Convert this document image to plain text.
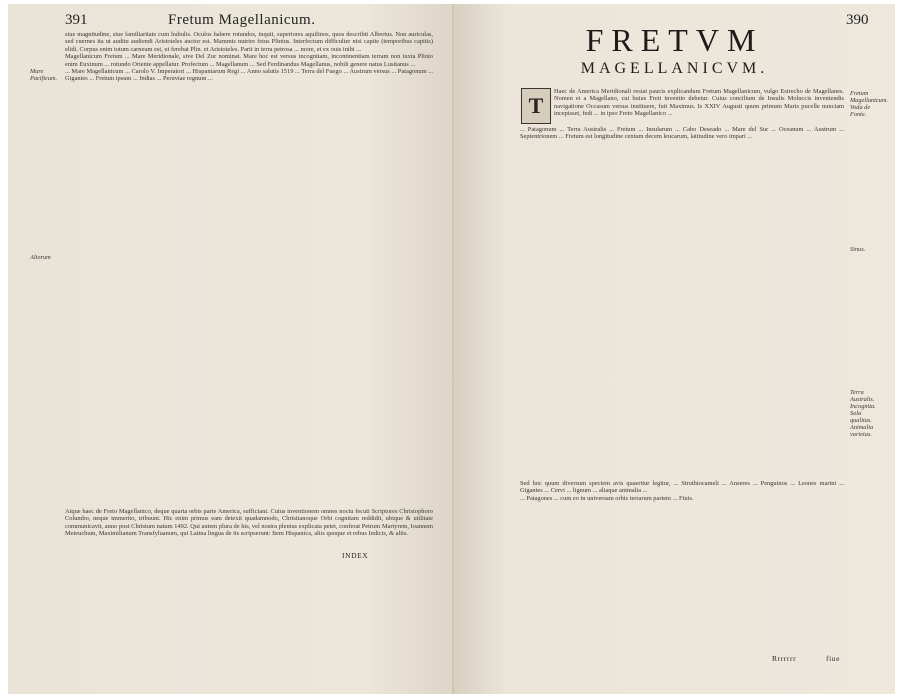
391	Fretum Magellanicum.
Mare Pacificum.
Aliorum

siue magnitudine, siue familiaritate cum hubulis. Oculos habere rotundos, inquit, superiores aquilinos, quos describit Albertus. Non auriculas, sed cuernes ita ut auditu audiendi Aristoteles auctor est. Mammis nutrire fetus Plinius. Interfectum difficulter nisi capite (temporibus capitis) elidi. Corpus enim totum carneum est, ut ferebat Plin. et Aristoteles. Parit in terra petrosa ... more, et ex ouis inibi ...

Magellanicum Fretum ... Mare Meridionale, sive Del Zur nominat. Mare hoc est versus incognitam, incontinentiam terram non iuxta Plinio enim Euxinum ... rotundo Oriente appellatur. Profectum ... Magellanum ... Sed Ferdinandus Magellanus, nobili genere natus Lusitanus ...

... Mare Magellanicum ... Carolo V. Imperatori ... Hispaniarum Regi ... Anno salutis 1519 ... Terra del Fuego ... Austrum versus ... Patagonum ... Gigantes ... Fretum ipsum ... Indias ... Peruviae regnum ...

Atque haec de Freto Magellanico, deque quarta orbis parte America, sufficiant. Cuius inventionem omnes noctu fecuti Scriptores Christophoro Columbo, neque immerito, tribuunt. Hic enim primus eam detexit quadamnodo, Christianoque Orbi cognitam reddidit, ubique & utilitate communicavit, anno post Christum natum 1492. Qui autem plura de his, vel nostra plenius explicata petet, conferat Petrum Martyrem, Ioannem Meteuchum, Maximilianum Transfyluanum, qui Latina lingua de iis scripserunt: Item Hispanica, aliis quoque et rebus Indicis, & aliis.

INDEX
390
FRETVM
MAGELLANICVM.
T	Fretum Magellanicum. Voda de Fonte.
Sinus.
Terra Australis. Incognita. Sola qualitas. Animalia varietas.

Haec de America Meridionali restat paucis explicandum Fretum Magellanicum, vulgo Estrecho de Magellanes. Nomen ei a Magellano, cui huius Freti inventio debetur. Cuius concilium de Insulis Moluccis inveniendis navigatione Occasum versus instituere, fuit Maximus. Is XXIV Augusti quum primum Maris pucelle nunciam incepisset, fedi ... in ipso Freto Magellanico ...

... Patagonum ... Terra Australis ... Fretum ... Insularum ... Cabo Deseado ... Mare del Sur ... Oceanum ... Austrum ... Septentrionem ... Fretum est longitudine centum decem leucarum, latitudine vero impari ...

Sed hoc quum diversum speciem avis quaeritur legitur, ... Struthiocameli ... Anseres ... Penguinos ... Leones marini ... Gigantes ... Cervi ... lignum ... aliaque animalia ...

... Patagones ... cum eo in universam orbis terrarum partem ... Finis.

Rrrrrrr	fiue
